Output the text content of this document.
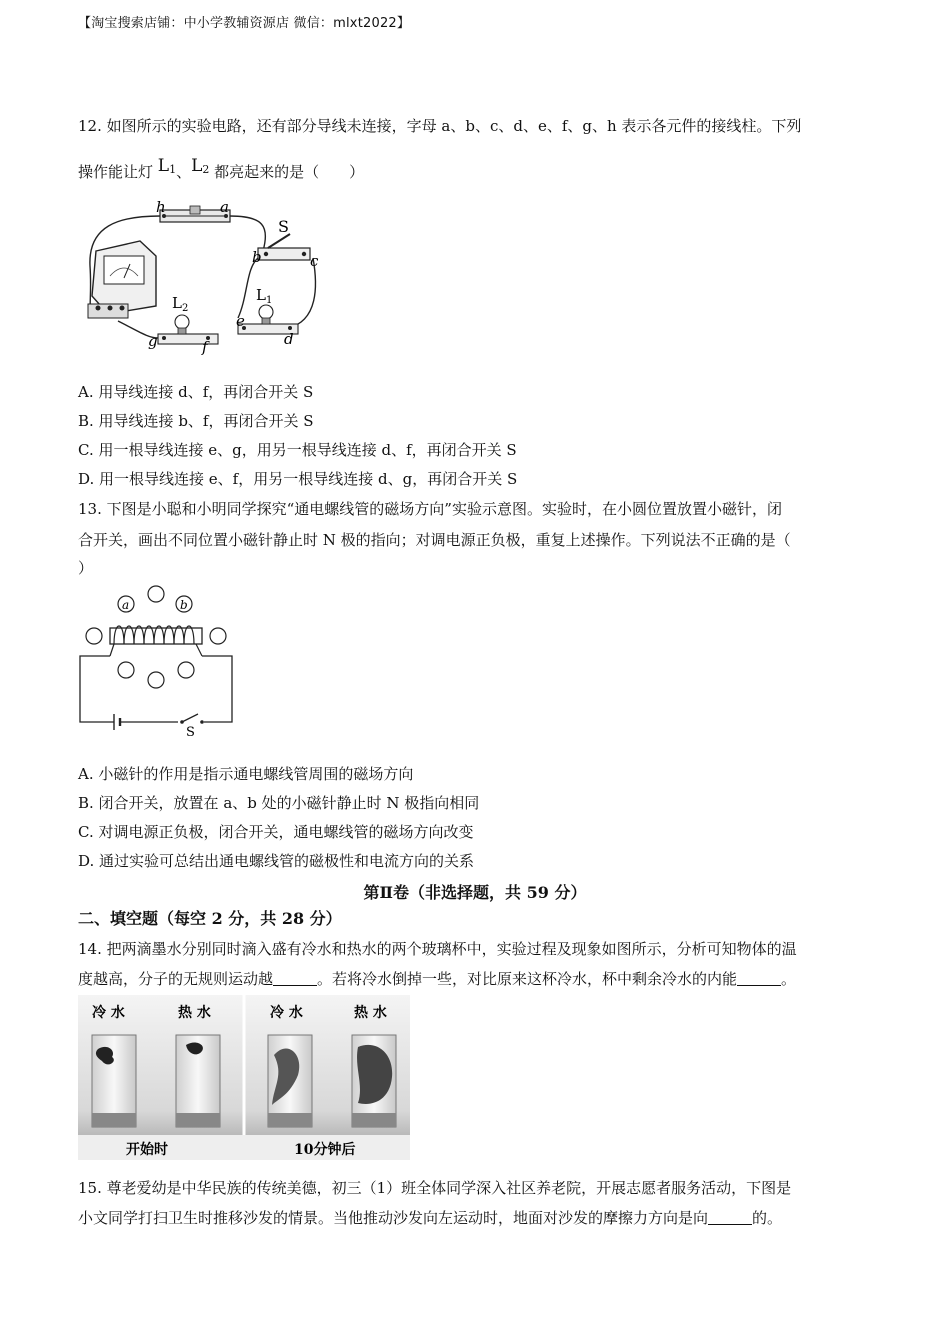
【淘宝搜索店铺：中小学教辅资源店 微信：mlxt2022】
12. 如图所示的实验电路，还有部分导线未连接，字母 a、b、c、d、e、f、g、h 表示各元件的接线柱。下列
操作能让灯 L1、L2 都亮起来的是（　　）
h	a
S
b	c
$L_1$
$L_2$
e
d
g	f
A. 用导线连接 d、f，再闭合开关 S
B. 用导线连接 b、f，再闭合开关 S
C. 用一根导线连接 e、g，用另一根导线连接 d、f，再闭合开关 S
D. 用一根导线连接 e、f，用另一根导线连接 d、g，再闭合开关 S
13. 下图是小聪和小明同学探究“通电螺线管的磁场方向”实验示意图。实验时，在小圆位置放置小磁针，闭
合开关，画出不同位置小磁针静止时 N 极的指向；对调电源正负极，重复上述操作。下列说法不正确的是（
）
a	b
S
A. 小磁针的作用是指示通电螺线管周围的磁场方向
B. 闭合开关，放置在 a、b 处的小磁针静止时 N 极指向相同
C. 对调电源正负极，闭合开关，通电螺线管的磁场方向改变
D. 通过实验可总结出通电螺线管的磁极性和电流方向的关系
第Ⅱ卷（非选择题，共 59 分）
二、填空题（每空 2 分，共 28 分）
14. 把两滴墨水分别同时滴入盛有冷水和热水的两个玻璃杯中，实验过程及现象如图所示，分析可知物体的温
度越高，分子的无规则运动越	。若将冷水倒掉一些，对比原来这杯冷水，杯中剩余冷水的内能	。
冷 水	热 水	冷 水	热 水
开始时	10分钟后
15. 尊老爱幼是中华民族的传统美德，初三（1）班全体同学深入社区养老院，开展志愿者服务活动，下图是
小文同学打扫卫生时推移沙发的情景。当他推动沙发向左运动时，地面对沙发的摩擦力方向是向	的。
